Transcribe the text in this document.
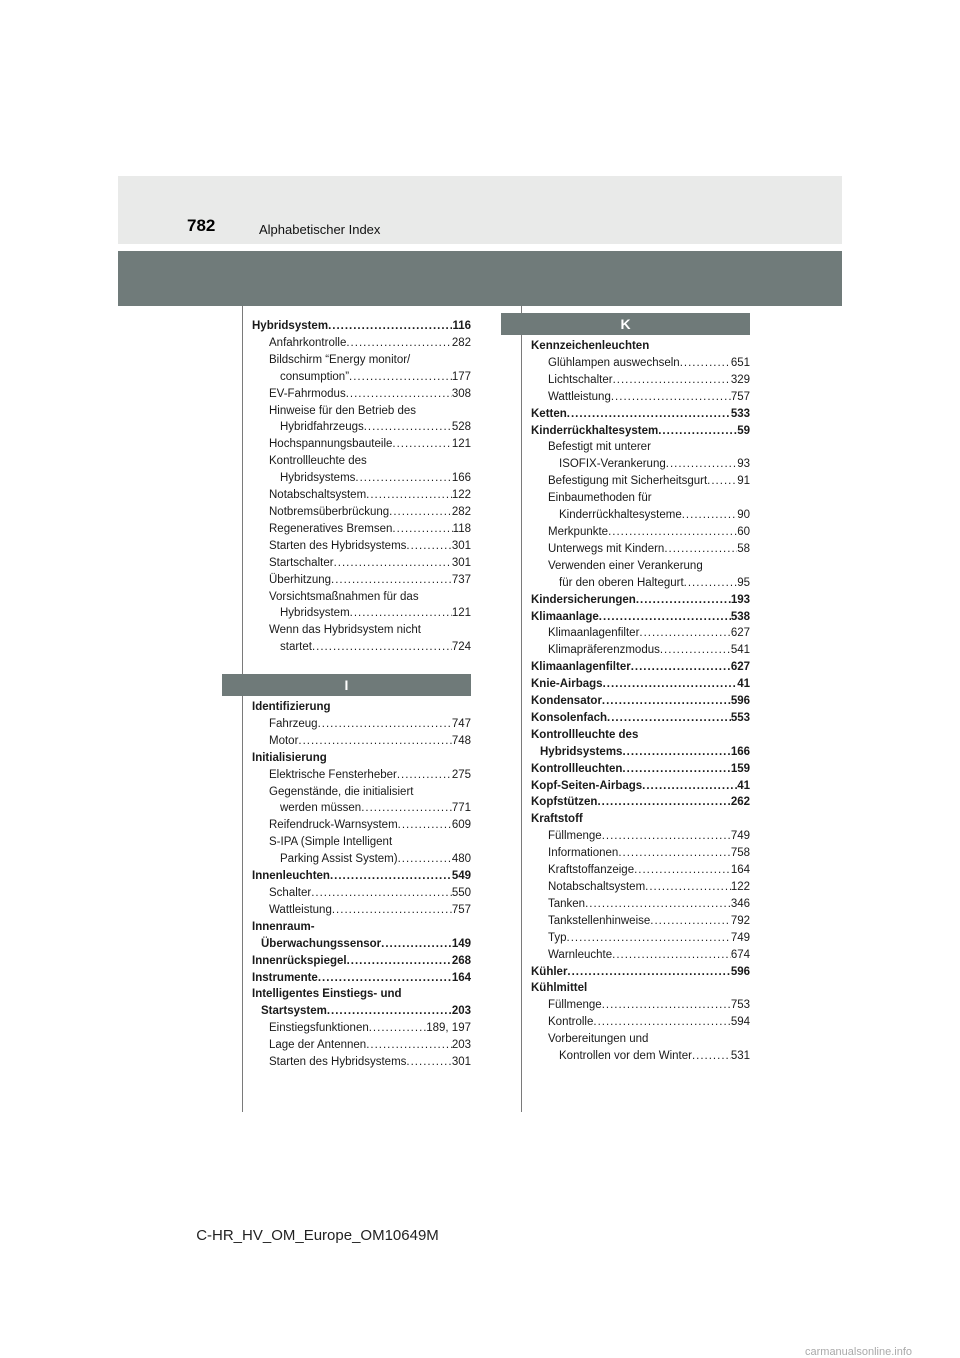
782	Alphabetischer Index
Hybridsystem .....	116
Anfahrkontrolle .....	282
Bildschirm “Energy monitor/
consumption” .....	177
EV-Fahrmodus .....	308
Hinweise für den Betrieb des
Hybridfahrzeugs .....	528
Hochspannungsbauteile .....	121
Kontrollleuchte des
Hybridsystems .....	166
Notabschaltsystem .....	122
Notbremsüberbrückung .....	282
Regeneratives Bremsen .....	118
Starten des Hybridsystems .....	301
Startschalter .....	301
Überhitzung .....	737
Vorsichtsmaßnahmen für das
Hybridsystem .....	121
Wenn das Hybridsystem nicht
startet .....	724
I
Identifizierung
Fahrzeug .....	747
Motor .....	748
Initialisierung
Elektrische Fensterheber .....	275
Gegenstände, die initialisiert
werden müssen .....	771
Reifendruck-Warnsystem .....	609
S-IPA (Simple Intelligent
Parking Assist System) .....	480
Innenleuchten .....	549
Schalter .....	550
Wattleistung .....	757
Innenraum-
Überwachungssensor .....	149
Innenrückspiegel .....	268
Instrumente .....	164
Intelligentes Einstiegs- und
Startsystem .....	203
Einstiegsfunktionen .....	189, 197
Lage der Antennen .....	203
Starten des Hybridsystems .....	301
K
Kennzeichenleuchten
Glühlampen auswechseln .....	651
Lichtschalter .....	329
Wattleistung .....	757
Ketten .....	533
Kinderrückhaltesystem .....	59
Befestigt mit unterer
ISOFIX-Verankerung .....	93
Befestigung mit Sicherheitsgurt .....	91
Einbaumethoden für
Kinderrückhaltesysteme .....	90
Merkpunkte .....	60
Unterwegs mit Kindern .....	58
Verwenden einer Verankerung
für den oberen Haltegurt .....	95
Kindersicherungen .....	193
Klimaanlage .....	538
Klimaanlagenfilter .....	627
Klimapräferenzmodus .....	541
Klimaanlagenfilter .....	627
Knie-Airbags .....	41
Kondensator .....	596
Konsolenfach .....	553
Kontrollleuchte des
Hybridsystems .....	166
Kontrollleuchten .....	159
Kopf-Seiten-Airbags .....	41
Kopfstützen .....	262
Kraftstoff
Füllmenge .....	749
Informationen .....	758
Kraftstoffanzeige .....	164
Notabschaltsystem .....	122
Tanken .....	346
Tankstellenhinweise .....	792
Typ .....	749
Warnleuchte .....	674
Kühler .....	596
Kühlmittel
Füllmenge .....	753
Kontrolle .....	594
Vorbereitungen und
Kontrollen vor dem Winter .....	531
C-HR_HV_OM_Europe_OM10649M
carmanualsonline.info
